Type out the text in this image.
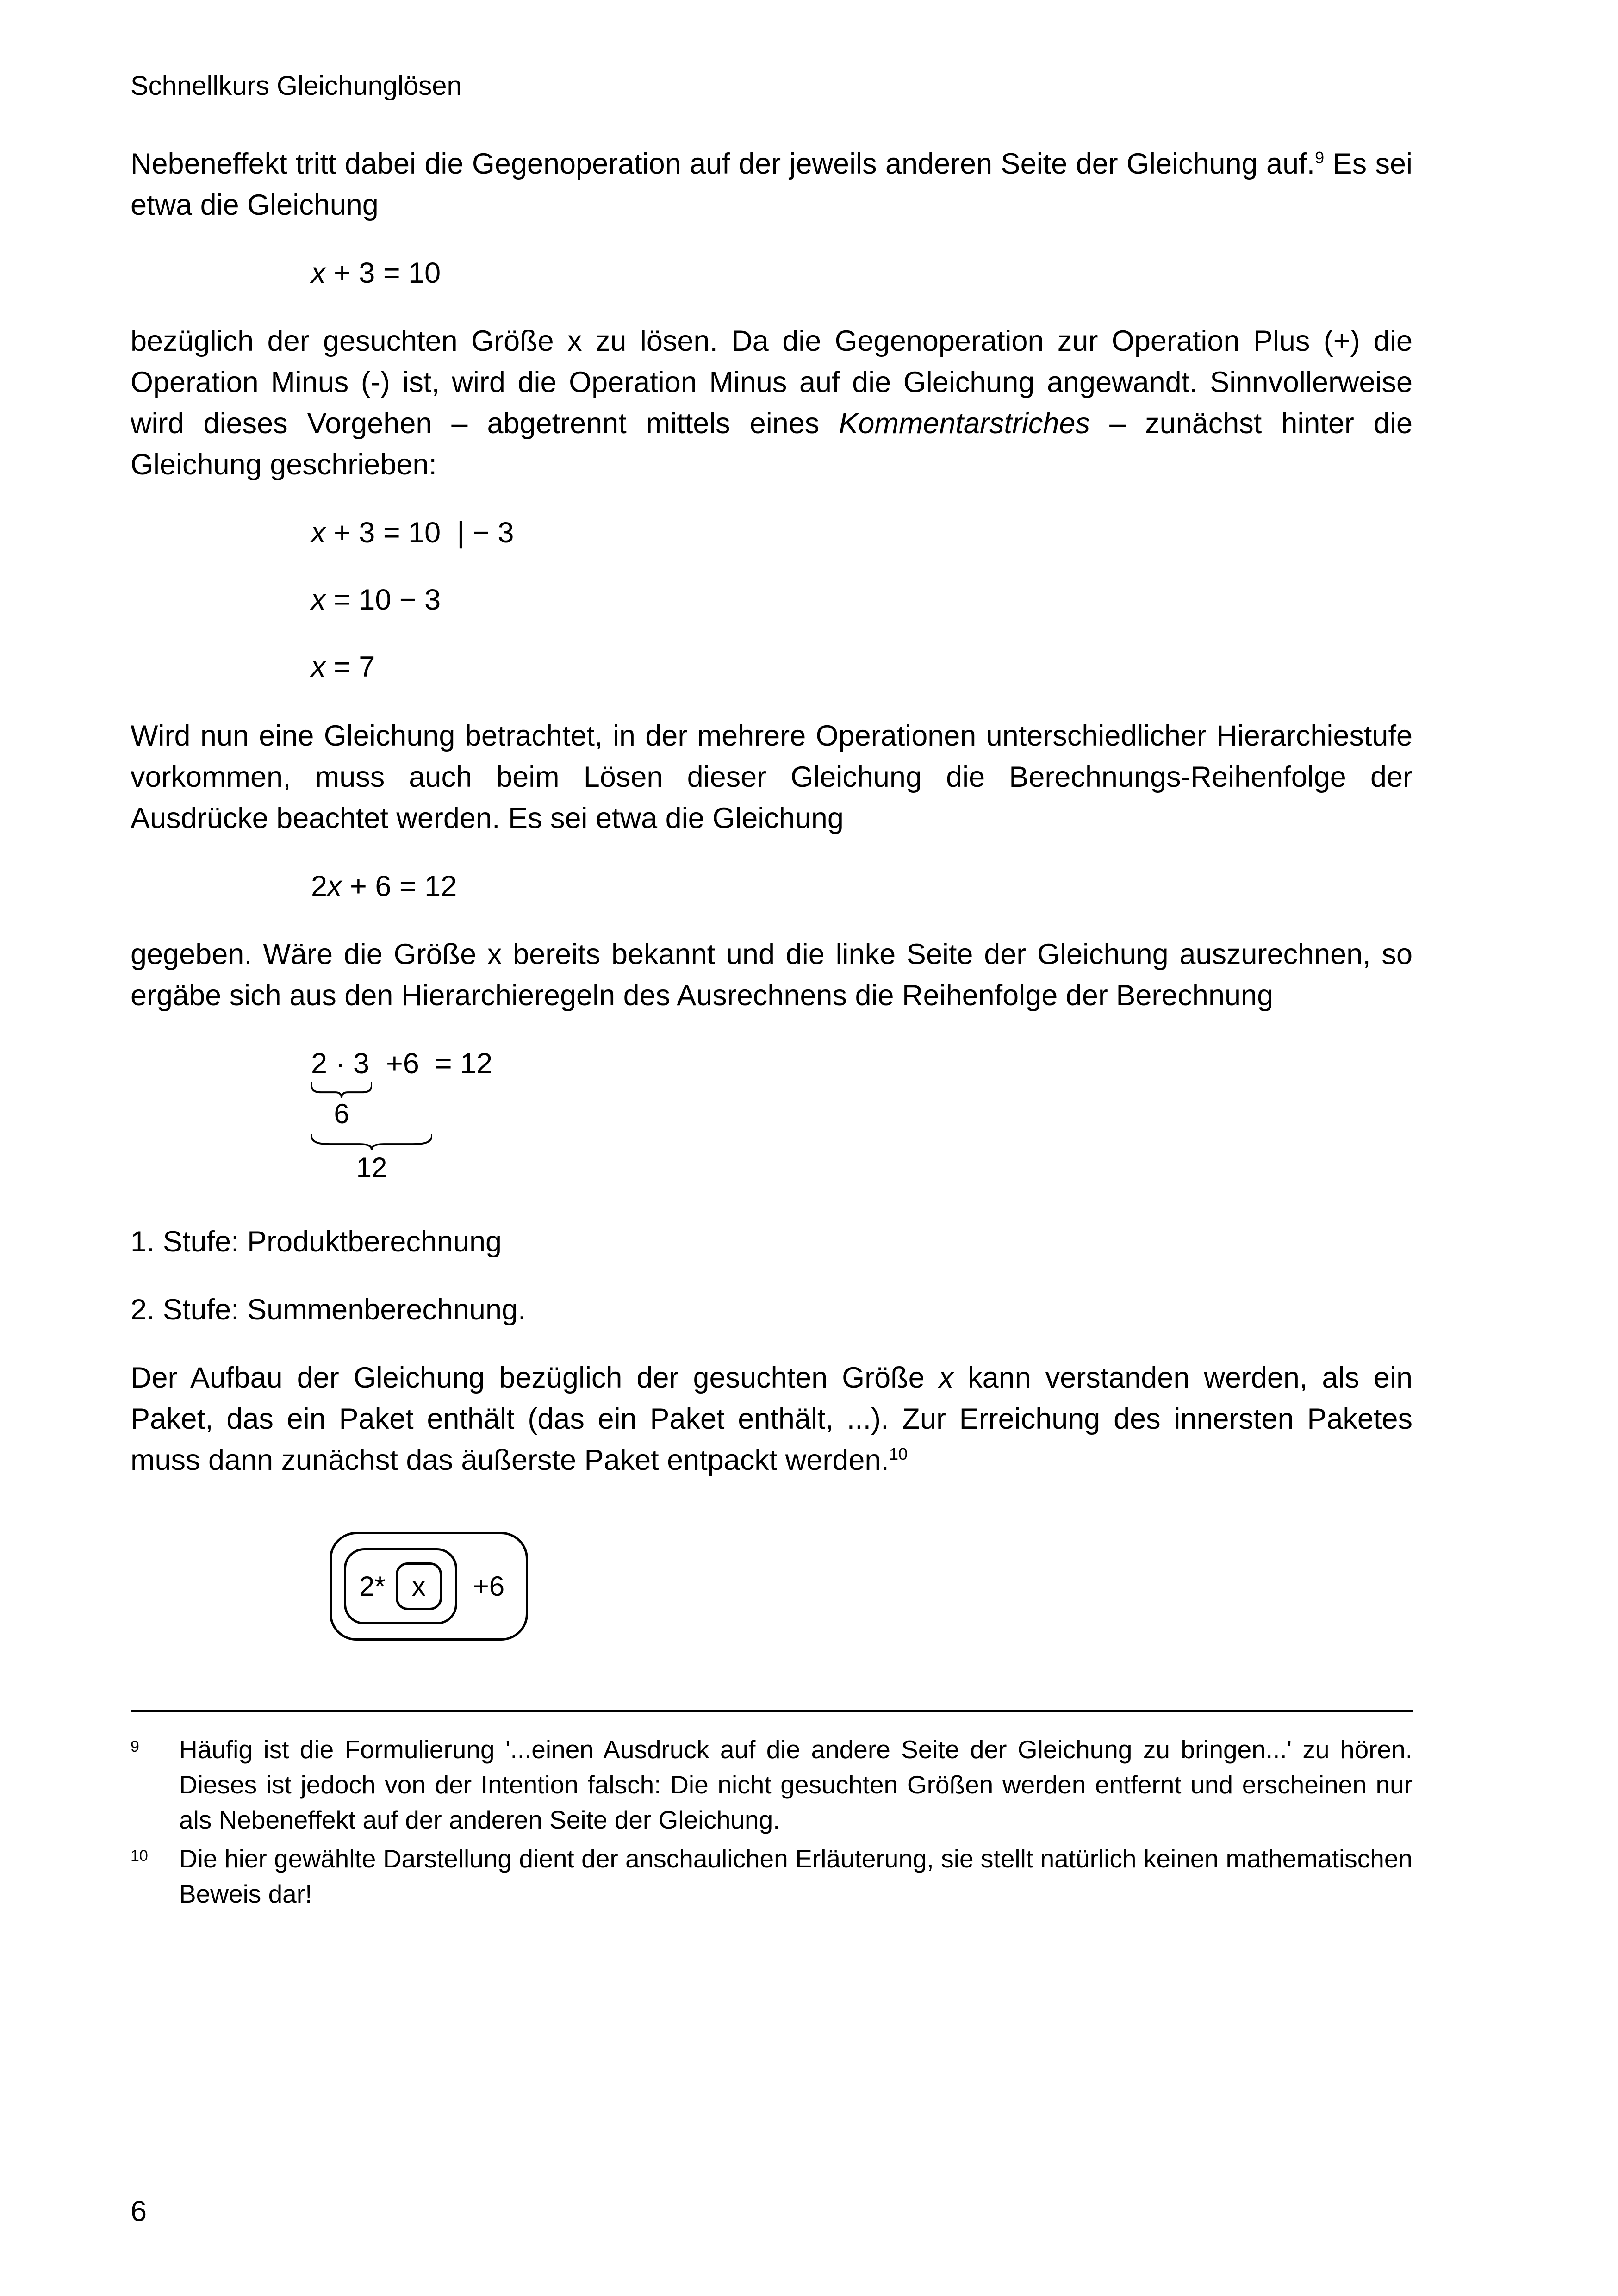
Schnellkurs Gleichunglösen

Nebeneffekt tritt dabei die Gegenoperation auf der jeweils anderen Seite der Gleichung auf.$^9$ Es sei etwa die Gleichung

x + 3 = 10

bezüglich der gesuchten Größe x zu lösen. Da die Gegenoperation zur Operation Plus (+) die Operation Minus (-) ist, wird die Operation Minus auf die Gleichung angewandt. Sinnvollerweise wird dieses Vorgehen – abgetrennt mittels eines Kommentarstriches – zunächst hinter die Gleichung geschrieben:

x + 3 = 10  | − 3
x = 10 − 3
x = 7

Wird nun eine Gleichung betrachtet, in der mehrere Operationen unterschiedlicher Hierarchiestufe vorkommen, muss auch beim Lösen dieser Gleichung die Berechnungs-Reihenfolge der Ausdrücke beachtet werden. Es sei etwa die Gleichung

2x + 6 = 12

gegeben. Wäre die Größe x bereits bekannt und die linke Seite der Gleichung auszurechnen, so ergäbe sich aus den Hierarchieregeln des Ausrechnens die Reihenfolge der Berechnung

2 · 3 +6 = 12
6
12

1. Stufe: Produktberechnung

2. Stufe: Summenberechnung.

Der Aufbau der Gleichung bezüglich der gesuchten Größe x kann verstanden werden, als ein Paket, das ein Paket enthält (das ein Paket enthält, ...). Zur Erreichung des innersten Paketes muss dann zunächst das äußerste Paket entpackt werden.$^{10}$

2* x	+6
9 Häufig ist die Formulierung '...einen Ausdruck auf die andere Seite der Gleichung zu bringen...' zu hören. Dieses ist jedoch von der Intention falsch: Die nicht gesuchten Größen werden entfernt und erscheinen nur als Nebeneffekt auf der anderen Seite der Gleichung.
10 Die hier gewählte Darstellung dient der anschaulichen Erläuterung, sie stellt natürlich keinen mathematischen Beweis dar!
6
